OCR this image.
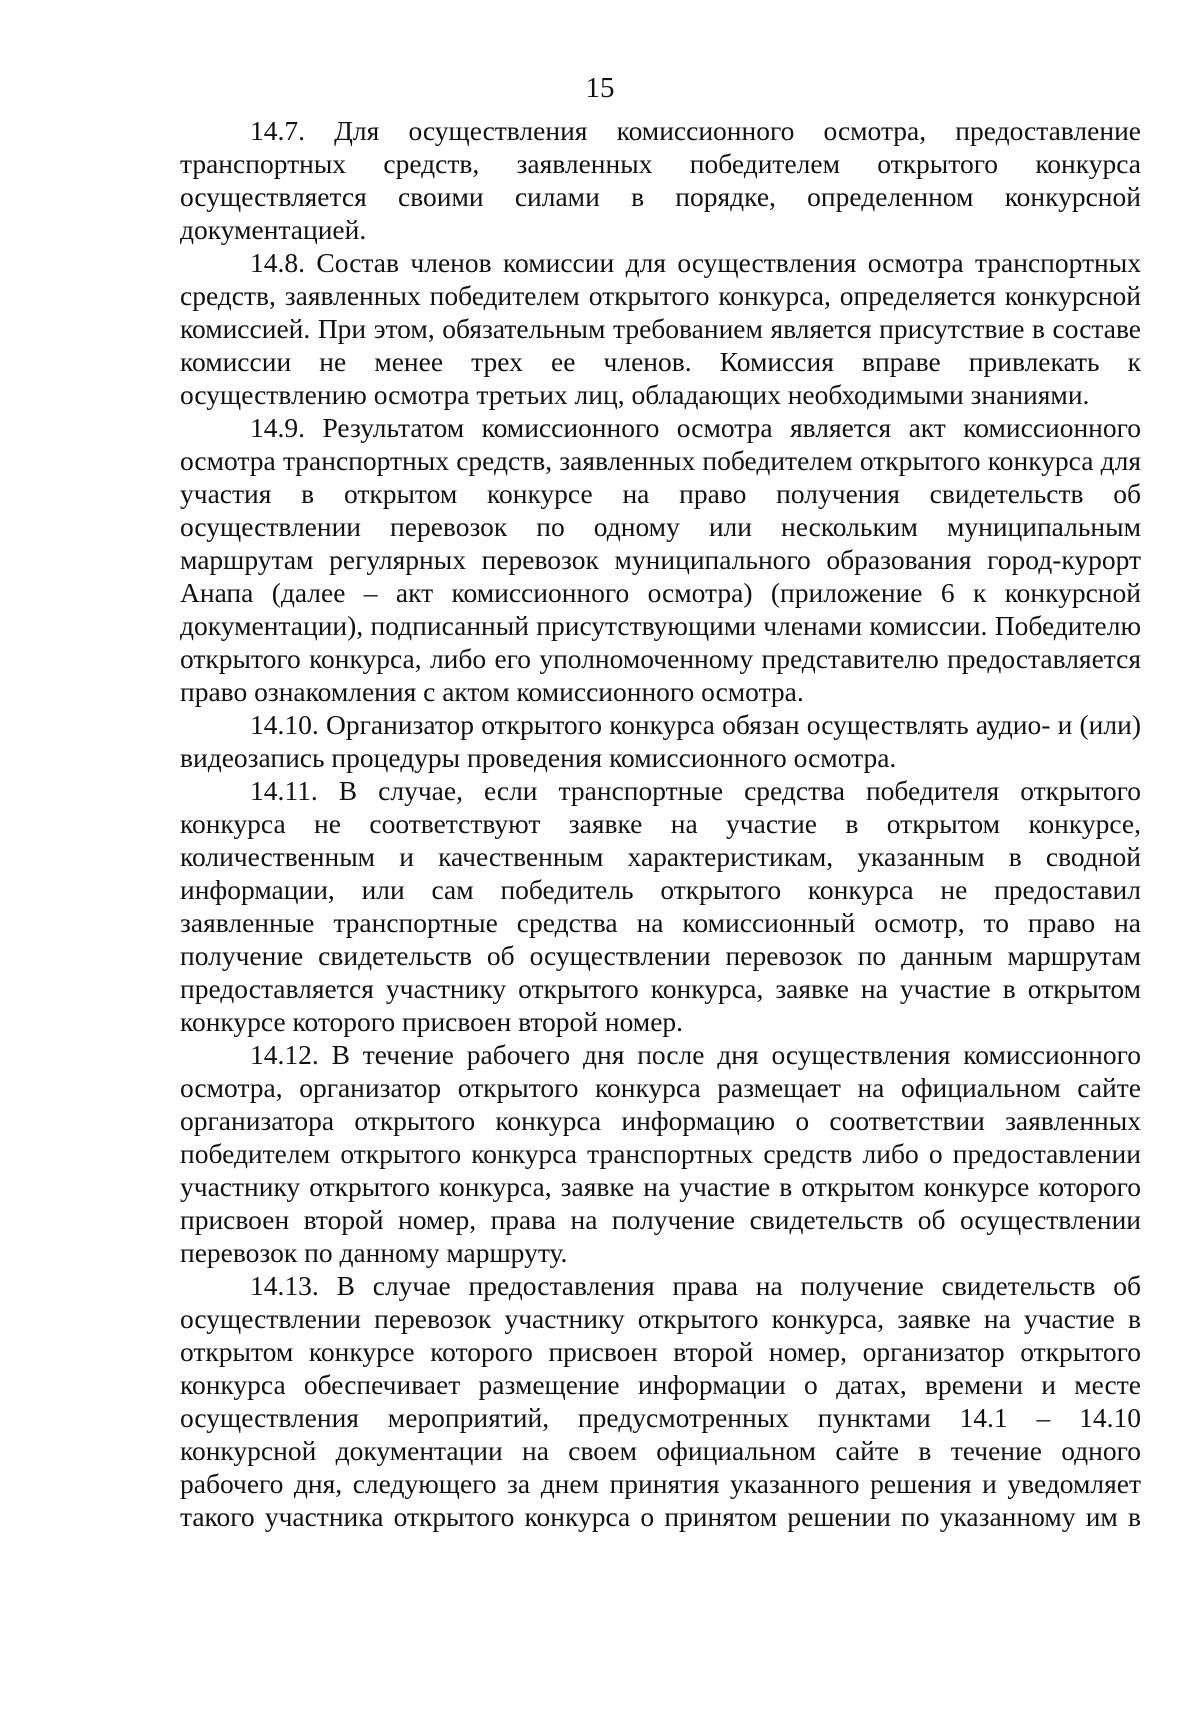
15

14.7. Для осуществления комиссионного осмотра, предоставление транспортных средств, заявленных победителем открытого конкурса осуществляется своими силами в порядке, определенном конкурсной документацией.

14.8. Состав членов комиссии для осуществления осмотра транспортных средств, заявленных победителем открытого конкурса, определяется конкурсной комиссией. При этом, обязательным требованием является присутствие в составе комиссии не менее трех ее членов. Комиссия вправе привлекать к осуществлению осмотра третьих лиц, обладающих необходимыми знаниями.

14.9. Результатом комиссионного осмотра является акт комиссионного осмотра транспортных средств, заявленных победителем открытого конкурса для участия в открытом конкурсе на право получения свидетельств об осуществлении перевозок по одному или нескольким муниципальным маршрутам регулярных перевозок муниципального образования город-курорт Анапа (далее – акт комиссионного осмотра) (приложение 6 к конкурсной документации), подписанный присутствующими членами комиссии. Победителю открытого конкурса, либо его уполномоченному представителю предоставляется право ознакомления с актом комиссионного осмотра.

14.10. Организатор открытого конкурса обязан осуществлять аудио- и (или) видеозапись процедуры проведения комиссионного осмотра.

14.11. В случае, если транспортные средства победителя открытого конкурса не соответствуют заявке на участие в открытом конкурсе, количественным и качественным характеристикам, указанным в сводной информации, или сам победитель открытого конкурса не предоставил заявленные транспортные средства на комиссионный осмотр, то право на получение свидетельств об осуществлении перевозок по данным маршрутам предоставляется участнику открытого конкурса, заявке на участие в открытом конкурсе которого присвоен второй номер.

14.12. В течение рабочего дня после дня осуществления комиссионного осмотра, организатор открытого конкурса размещает на официальном сайте организатора открытого конкурса информацию о соответствии заявленных победителем открытого конкурса транспортных средств либо о предоставлении участнику открытого конкурса, заявке на участие в открытом конкурсе которого присвоен второй номер, права на получение свидетельств об осуществлении перевозок по данному маршруту.

14.13. В случае предоставления права на получение свидетельств об осуществлении перевозок участнику открытого конкурса, заявке на участие в открытом конкурсе которого присвоен второй номер, организатор открытого конкурса обеспечивает размещение информации о датах, времени и месте осуществления мероприятий, предусмотренных пунктами 14.1 – 14.10 конкурсной документации на своем официальном сайте в течение одного рабочего дня, следующего за днем принятия указанного решения и уведомляет такого участника открытого конкурса о принятом решении по указанному им в
